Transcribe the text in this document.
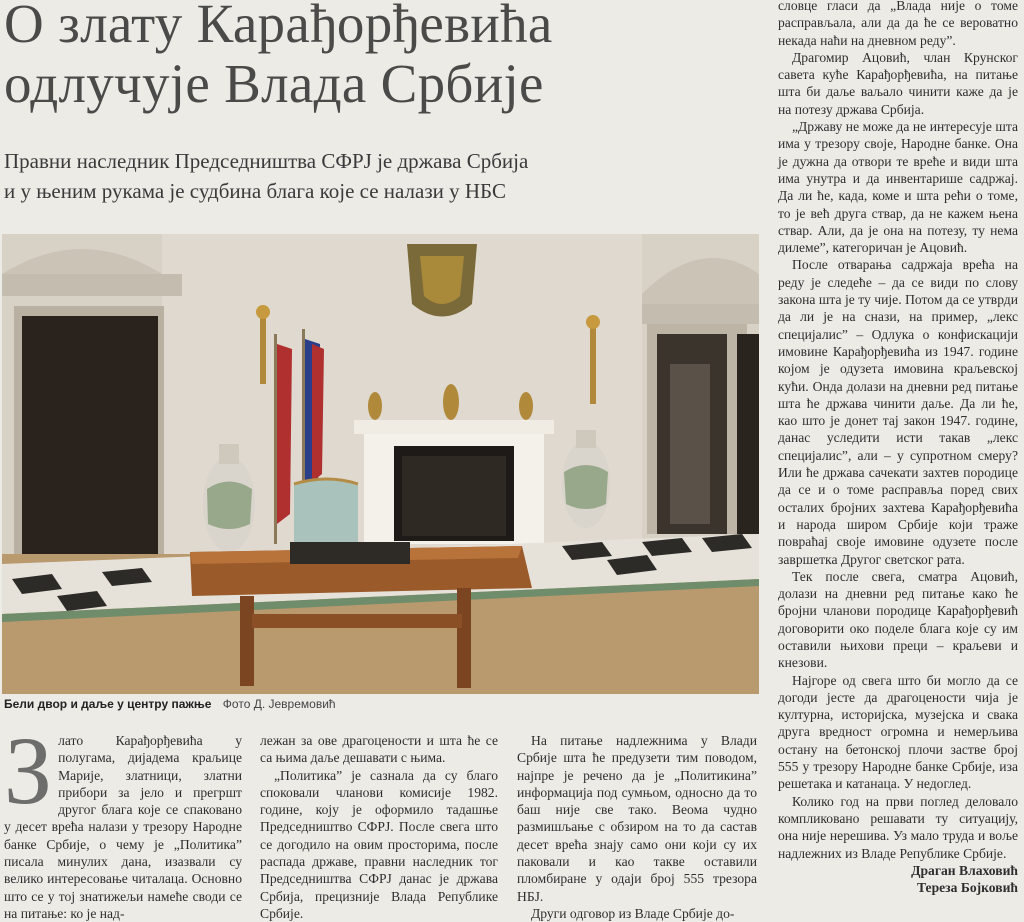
О злату Карађорђевића
одлучује Влада Србије
Правни наследник Председништва СФРЈ је држава Србија
и у њеним рукама је судбина блага које се налази у НБС
Бели двор и даље у центру пажње Фото Д. Јевремовић
З лато Карађорђевића у полугама, дијадема краљице Марије, златници, златни прибори за јело и прегршт другог блага које се спаковано у десет врећа налази у трезору Народне банке Србије, о чему је „Политика” писала минулих дана, изазвали су велико интересовање читалаца. Основно што се у тој знатижељи намеће своди се на питање: ко је над-

лежан за ове драгоцености и шта ће се са њима даље дешавати с њима.

„Политика” је сазнала да су благо споковали чланови комисије 1982. године, коју је оформило тадашње Председништво СФРЈ. После свега што се догодило на овим просторима, после распада државе, правни наследник тог Председништва СФРЈ данас је држава Србија, прецизније Влада Републике Србије.

На питање надлежнима у Влади Србије шта ће предузети тим поводом, најпре је речено да је „Политикина” информација под сумњом, односно да то баш није све тако. Веома чудно размишљање с обзиром на то да састав десет врећа знају само они који су их паковали и као такве оставили пломбиране у одаји број 555 трезора НБЈ.

Други одговор из Владе Србије до-

словце гласи да „Влада није о томе расправљала, али да да ће се вероватно некада наћи на дневном реду”.

Драгомир Ацовић, члан Крунског савета куће Карађорђевића, на питање шта би даље ваљало чинити каже да је на потезу држава Србија.

„Државу не може да не интересује шта има у трезору своје, Народне банке. Она је дужна да отвори те вреће и види шта има унутра и да инвентарише садржај. Да ли ће, када, коме и шта рећи о томе, то је већ друга ствар, да не кажем њена ствар. Али, да је она на потезу, ту нема дилеме”, категоричан је Ацовић.

После отварања садржаја врећа на реду је следеће – да се види по слову закона шта је ту чије. Потом да се утврди да ли је на снази, на пример, „лекс специјалис” – Одлука о конфискацији имовине Карађорђевића из 1947. године којом је одузета имовина краљевској кући. Онда долази на дневни ред питање шта ће држава чинити даље. Да ли ће, као што је донет тај закон 1947. године, данас уследити исти такав „лекс специјалис”, али – у супротном смеру? Или ће држава сачекати захтев породице да се и о томе расправља поред свих осталих бројних захтева Карађорђевића и народа широм Србије који траже повраћај своје имовине одузете после завршетка Другог светског рата.

Тек после свега, сматра Ацовић, долази на дневни ред питање како ће бројни чланови породице Карађорђевић договорити око поделе блага које су им оставили њихови преци – краљеви и кнезови.

Најгоре од свега што би могло да се догоди јесте да драгоцености чија је културна, историјска, музејска и свака друга вредност огромна и немерљива остану на бетонској плочи застве број 555 у трезору Народне банке Србије, иза решетака и катанаца. У недоглед.

Колико год на први поглед деловало компликовано решавати ту ситуацију, она није нерешива. Уз мало труда и воље надлежних из Владе Републике Србије.

Драган Влаховић
Тереза Бојковић
